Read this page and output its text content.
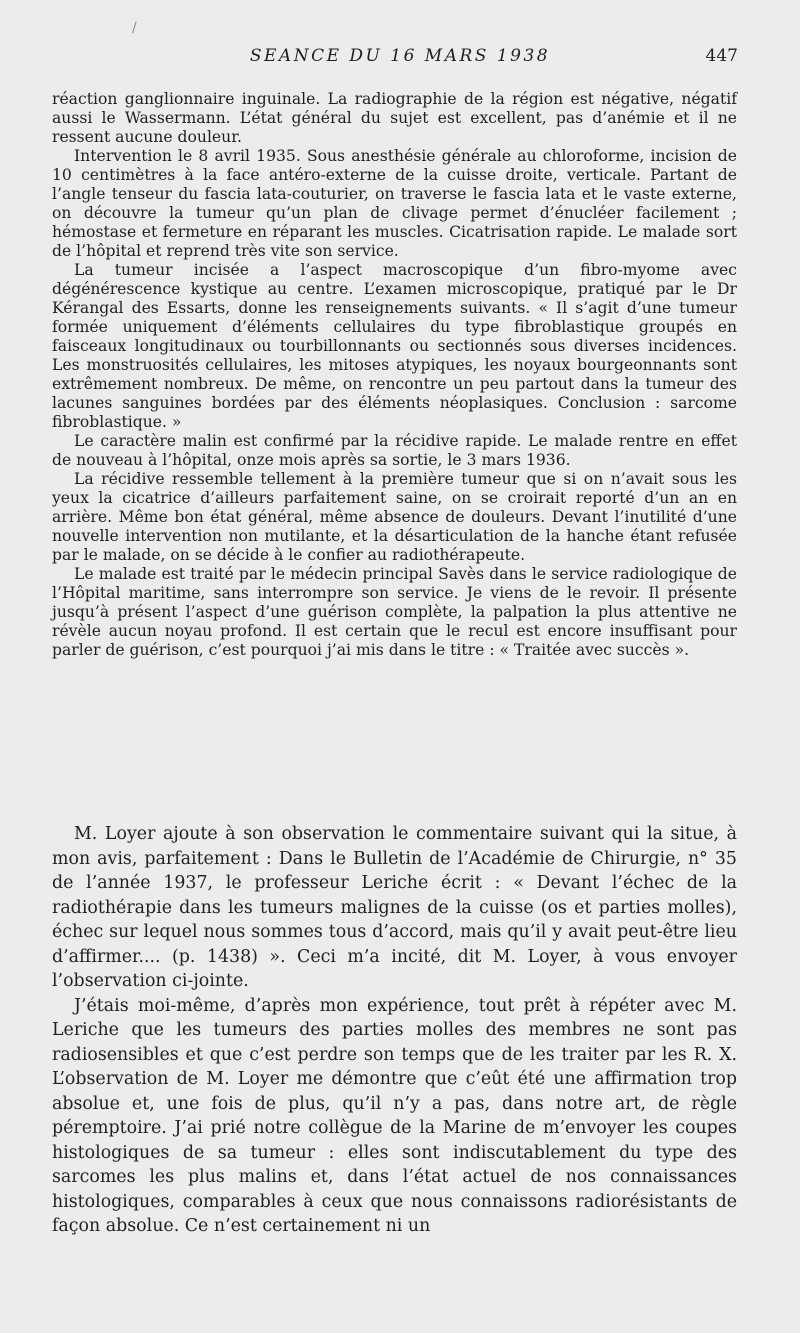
/
SEANCE DU 16 MARS 1938	447

réaction ganglionnaire inguinale. La radiographie de la région est négative, négatif aussi le Wassermann. L’état général du sujet est excellent, pas d’anémie et il ne ressent aucune douleur.

Intervention le 8 avril 1935. Sous anesthésie générale au chloroforme, incision de 10 centimètres à la face antéro-externe de la cuisse droite, verticale. Partant de l’angle tenseur du fascia lata-couturier, on traverse le fascia lata et le vaste externe, on découvre la tumeur qu’un plan de clivage permet d’énucléer facilement ; hémostase et fermeture en réparant les muscles. Cicatrisation rapide. Le malade sort de l’hôpital et reprend très vite son service.

La tumeur incisée a l’aspect macroscopique d’un fibro-myome avec dégénérescence kystique au centre. L’examen microscopique, pratiqué par le Dr Kérangal des Essarts, donne les renseignements suivants. « Il s’agit d’une tumeur formée uniquement d’éléments cellulaires du type fibroblastique groupés en faisceaux longitudinaux ou tourbillonnants ou sectionnés sous diverses incidences. Les monstruosités cellulaires, les mitoses atypiques, les noyaux bourgeonnants sont extrêmement nombreux. De même, on rencontre un peu partout dans la tumeur des lacunes sanguines bordées par des éléments néoplasiques. Conclusion : sarcome fibroblastique. »

Le caractère malin est confirmé par la récidive rapide. Le malade rentre en effet de nouveau à l’hôpital, onze mois après sa sortie, le 3 mars 1936.

La récidive ressemble tellement à la première tumeur que si on n’avait sous les yeux la cicatrice d’ailleurs parfaitement saine, on se croirait reporté d’un an en arrière. Même bon état général, même absence de douleurs. Devant l’inutilité d’une nouvelle intervention non mutilante, et la désarticulation de la hanche étant refusée par le malade, on se décide à le confier au radiothérapeute.

Le malade est traité par le médecin principal Savès dans le service radiologique de l’Hôpital maritime, sans interrompre son service. Je viens de le revoir. Il présente jusqu’à présent l’aspect d’une guérison complète, la palpation la plus attentive ne révèle aucun noyau profond. Il est certain que le recul est encore insuffisant pour parler de guérison, c’est pourquoi j’ai mis dans le titre : « Traitée avec succès ».

M. Loyer ajoute à son observation le commentaire suivant qui la situe, à mon avis, parfaitement : Dans le Bulletin de l’Académie de Chirurgie, n° 35 de l’année 1937, le professeur Leriche écrit : « Devant l’échec de la radiothérapie dans les tumeurs malignes de la cuisse (os et parties molles), échec sur lequel nous sommes tous d’accord, mais qu’il y avait peut-être lieu d’affirmer.... (p. 1438) ». Ceci m’a incité, dit M. Loyer, à vous envoyer l’observation ci-jointe.

J’étais moi-même, d’après mon expérience, tout prêt à répéter avec M. Leriche que les tumeurs des parties molles des membres ne sont pas radiosensibles et que c’est perdre son temps que de les traiter par les R. X. L’observation de M. Loyer me démontre que c’eût été une affirmation trop absolue et, une fois de plus, qu’il n’y a pas, dans notre art, de règle péremptoire. J’ai prié notre collègue de la Marine de m’envoyer les coupes histologiques de sa tumeur : elles sont indiscutablement du type des sarcomes les plus malins et, dans l’état actuel de nos connaissances histologiques, comparables à ceux que nous connaissons radiorésistants de façon absolue. Ce n’est certainement ni un
